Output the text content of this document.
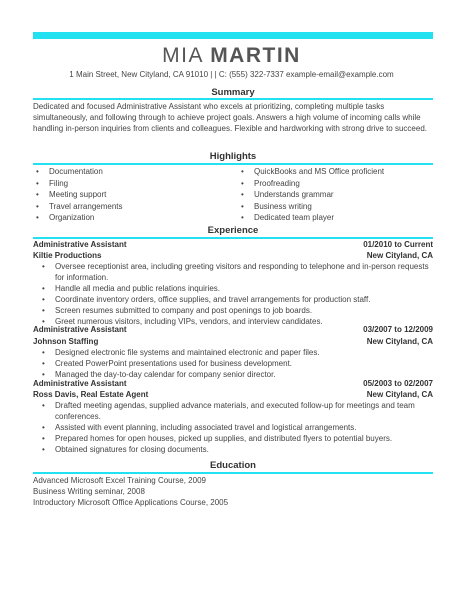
MIA MARTIN
1 Main Street, New Cityland, CA 91010 | | C: (555) 322-7337 example-email@example.com
Summary
Dedicated and focused Administrative Assistant who excels at prioritizing, completing multiple tasks simultaneously, and following through to achieve project goals. Answers a high volume of incoming calls while handling in-person inquiries from clients and colleagues. Flexible and hardworking with strong drive to succeed.
Highlights
• Documentation
• Filing
• Meeting support
• Travel arrangements
• Organization
• QuickBooks and MS Office proficient
• Proofreading
• Understands grammar
• Business writing
• Dedicated team player
Experience
Administrative Assistant	01/2010 to Current
Kiltie Productions	New Cityland, CA
• Oversee receptionist area, including greeting visitors and responding to telephone and in-person requests for information.
• Handle all media and public relations inquiries.
• Coordinate inventory orders, office supplies, and travel arrangements for production staff.
• Screen resumes submitted to company and post openings to job boards.
• Greet numerous visitors, including VIPs, vendors, and interview candidates.
Administrative Assistant	03/2007 to 12/2009
Johnson Staffing	New Cityland, CA
• Designed electronic file systems and maintained electronic and paper files.
• Created PowerPoint presentations used for business development.
• Managed the day-to-day calendar for company senior director.
Administrative Assistant	05/2003 to 02/2007
Ross Davis, Real Estate Agent	New Cityland, CA
• Drafted meeting agendas, supplied advance materials, and executed follow-up for meetings and team conferences.
• Assisted with event planning, including associated travel and logistical arrangements.
• Prepared homes for open houses, picked up supplies, and distributed flyers to potential buyers.
• Obtained signatures for closing documents.
Education
Advanced Microsoft Excel Training Course, 2009
Business Writing seminar, 2008
Introductory Microsoft Office Applications Course, 2005
